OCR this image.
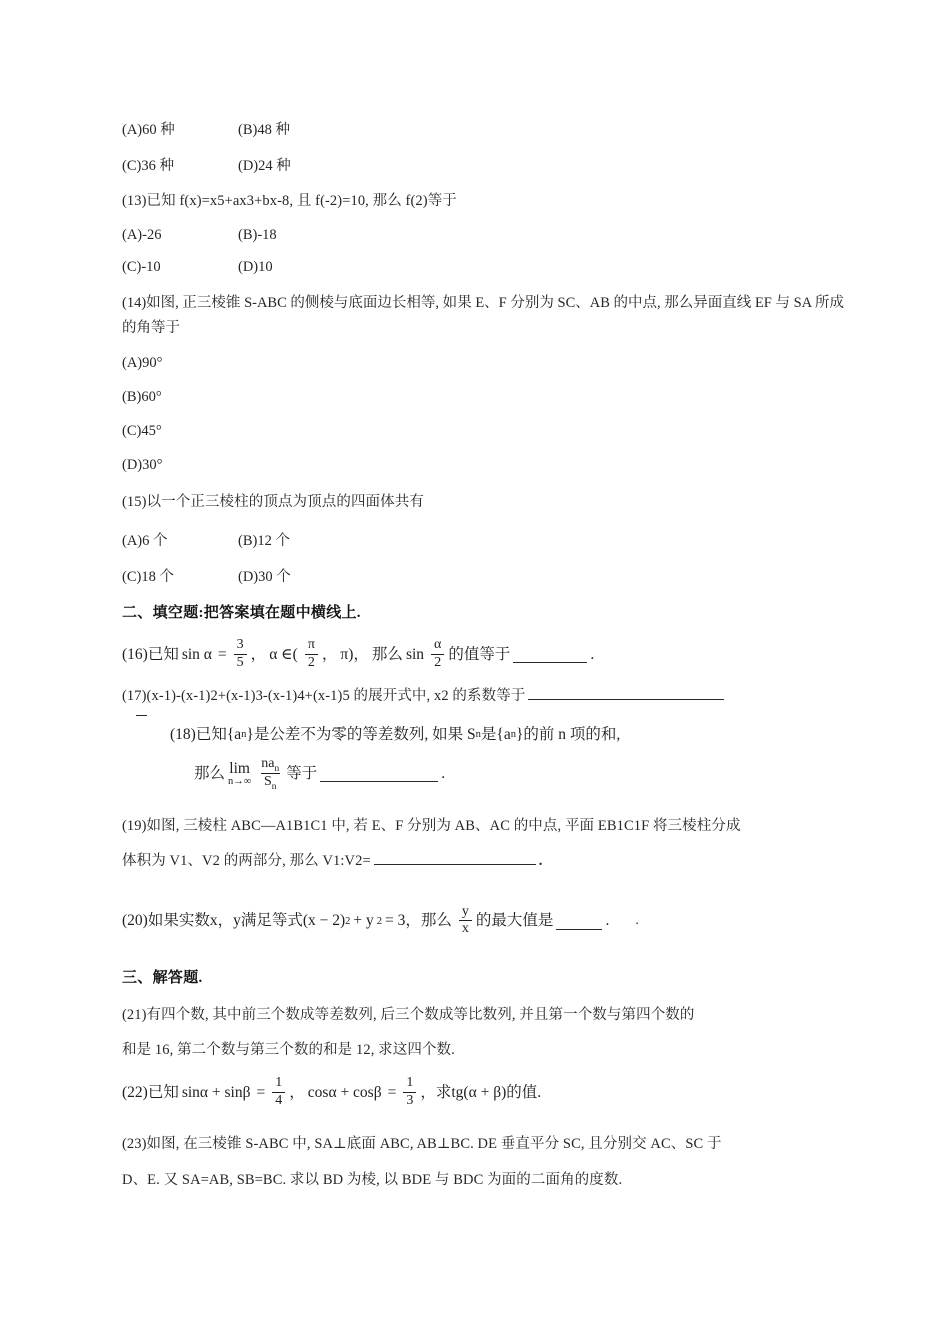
(A)60 种	(B)48 种
(C)36 种	(D)24 种
(13)已知 f(x)=x5+ax3+bx-8, 且 f(-2)=10, 那么 f(2)等于
(A)-26	(B)-18
(C)-10	(D)10
(14)如图, 正三棱锥 S-ABC 的侧棱与底面边长相等, 如果 E、F 分别为 SC、AB 的中点, 那么异面直线 EF 与 SA 所成的角等于
(A)90°
(B)60°
(C)45°
(D)30°
(15)以一个正三棱柱的顶点为顶点的四面体共有
(A)6 个	(B)12 个
(C)18 个	(D)30 个
二、填空题:把答案填在题中横线上.
(16)已知 $\sin \alpha = \frac{3}{5}$ ， α ∈( $\frac{\pi}{2}$ ， π)， 那么 $\sin \frac{\alpha}{2}$ 的值等于	.
(17)(x-1)-(x-1)2+(x-1)3-(x-1)4+(x-1)5 的展开式中, x2 的系数等于
(18)已知{a n }是公差不为零的等差数列, 如果 S n 是{a n }的前 n 项的和,
那么 lim
$n\to\infty \frac{na_n}{S_n}$ 等于	.
(19)如图, 三棱柱 ABC—A1B1C1 中, 若 E、F 分别为 AB、AC 的中点, 平面 EB1C1F 将三棱柱分成
体积为 V1、V2 的两部分, 那么 V1:V2=	.
(20)如果实数x，y满足等式(x − 2) 2 + y 2 = 3，那么 $\frac{y}{x}$ 的最大值是	. .
三、解答题.
(21)有四个数, 其中前三个数成等差数列, 后三个数成等比数列, 并且第一个数与第四个数的
和是 16, 第二个数与第三个数的和是 12, 求这四个数.
(22)已知 $\sin\alpha + \sin\beta = \frac{1}{4}$ ， $\cos\alpha + \cos\beta = \frac{1}{3}$ ， 求tg(α + β)的值.
(23)如图, 在三棱锥 S-ABC 中, SA⊥底面 ABC, AB⊥BC. DE 垂直平分 SC, 且分别交 AC、SC 于
D、E. 又 SA=AB, SB=BC. 求以 BD 为棱, 以 BDE 与 BDC 为面的二面角的度数.
